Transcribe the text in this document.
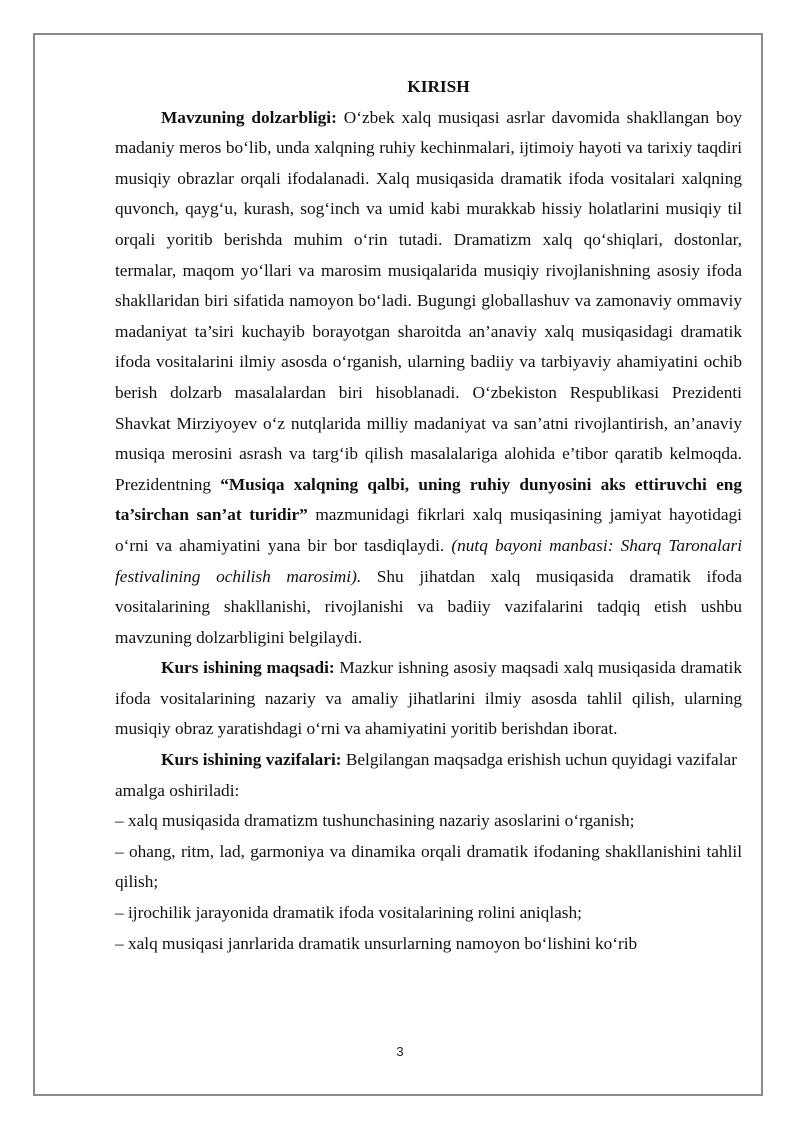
KIRISH

Mavzuning dolzarbligi: O‘zbek xalq musiqasi asrlar davomida shakllangan boy madaniy meros bo‘lib, unda xalqning ruhiy kechinmalari, ijtimoiy hayoti va tarixiy taqdiri musiqiy obrazlar orqali ifodalanadi. Xalq musiqasida dramatik ifoda vositalari xalqning quvonch, qayg‘u, kurash, sog‘inch va umid kabi murakkab hissiy holatlarini musiqiy til orqali yoritib berishda muhim o‘rin tutadi. Dramatizm xalq qo‘shiqlari, dostonlar, termalar, maqom yo‘llari va marosim musiqalarida musiqiy rivojlanishning asosiy ifoda shakllaridan biri sifatida namoyon bo‘ladi. Bugungi globallashuv va zamonaviy ommaviy madaniyat ta’siri kuchayib borayotgan sharoitda an’anaviy xalq musiqasidagi dramatik ifoda vositalarini ilmiy asosda o‘rganish, ularning badiiy va tarbiyaviy ahamiyatini ochib berish dolzarb masalalardan biri hisoblanadi. O‘zbekiston Respublikasi Prezidenti Shavkat Mirziyoyev o‘z nutqlarida milliy madaniyat va san’atni rivojlantirish, an’anaviy musiqa merosini asrash va targ‘ib qilish masalalariga alohida e’tibor qaratib kelmoqda. Prezidentning “Musiqa xalqning qalbi, uning ruhiy dunyosini aks ettiruvchi eng ta’sirchan san’at turidir” mazmunidagi fikrlari xalq musiqasining jamiyat hayotidagi o‘rni va ahamiyatini yana bir bor tasdiqlaydi. (nutq bayoni manbasi: Sharq Taronalari festivalining ochilish marosimi). Shu jihatdan xalq musiqasida dramatik ifoda vositalarining shakllanishi, rivojlanishi va badiiy vazifalarini tadqiq etish ushbu mavzuning dolzarbligini belgilaydi.

Kurs ishining maqsadi: Mazkur ishning asosiy maqsadi xalq musiqasida dramatik ifoda vositalarining nazariy va amaliy jihatlarini ilmiy asosda tahlil qilish, ularning musiqiy obraz yaratishdagi o‘rni va ahamiyatini yoritib berishdan iborat.

Kurs ishining vazifalari: Belgilangan maqsadga erishish uchun quyidagi vazifalar amalga oshiriladi:

– xalq musiqasida dramatizm tushunchasining nazariy asoslarini o‘rganish;

– ohang, ritm, lad, garmoniya va dinamika orqali dramatik ifodaning shakllanishini tahlil qilish;

– ijrochilik jarayonida dramatik ifoda vositalarining rolini aniqlash;

– xalq musiqasi janrlarida dramatik unsurlarning namoyon bo‘lishini ko‘rib

3
